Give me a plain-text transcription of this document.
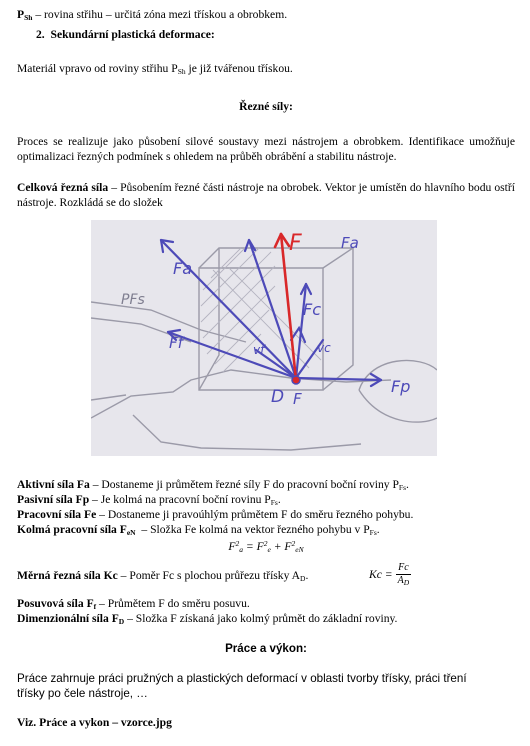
$P_{Sh}$ – rovina střihu – určitá zóna mezi třískou a obrobkem.

2. Sekundární plastická deformace:

Materiál vpravo od roviny střihu $P_{Sh}$ je již tvářenou třískou.

Řezné síly:

Proces se realizuje jako působení silové soustavy mezi nástrojem a obrobkem. Identifikace umožňuje optimalizaci řezných podmínek s ohledem na průběh obrábění a stabilitu nástroje.

Celková řezná síla – Působením řezné části nástroje na obrobek. Vektor je umístěn do hlavního bodu ostří nástroje. Rozkládá se do složek

Fa
F	Fa
PFs	Fc
Ff	vf	vc
D F
Fp

Aktivní síla Fa – Dostaneme ji průmětem řezné síly F do pracovní boční roviny $P_{Fs}$.

Pasivní síla Fp – Je kolmá na pracovní boční rovinu $P_{Fs}$.

Pracovní síla Fe – Dostaneme ji pravoúhlým průmětem F do směru řezného pohybu.

Kolmá pracovní síla $F_{eN}$  – Složka Fe kolmá na vektor řezného pohybu v $P_{Fs}$.

$F^2_a = F^2_e + F^2_{eN}$

Měrná řezná síla Kc – Poměr Fc s plochou průřezu třísky $A_D$.	$Kc = \frac{Fc}{A_D}$

Posuvová síla $F_f$ – Průmětem F do směru posuvu.

Dimenzionální síla $F_D$ – Složka F získaná jako kolmý průmět do základní roviny.

Práce a výkon:

Práce zahrnuje práci pružných a plastických deformací v oblasti tvorby třísky, práci tření třísky po čele nástroje, …

Viz. Práce a vykon – vzorce.jpg
